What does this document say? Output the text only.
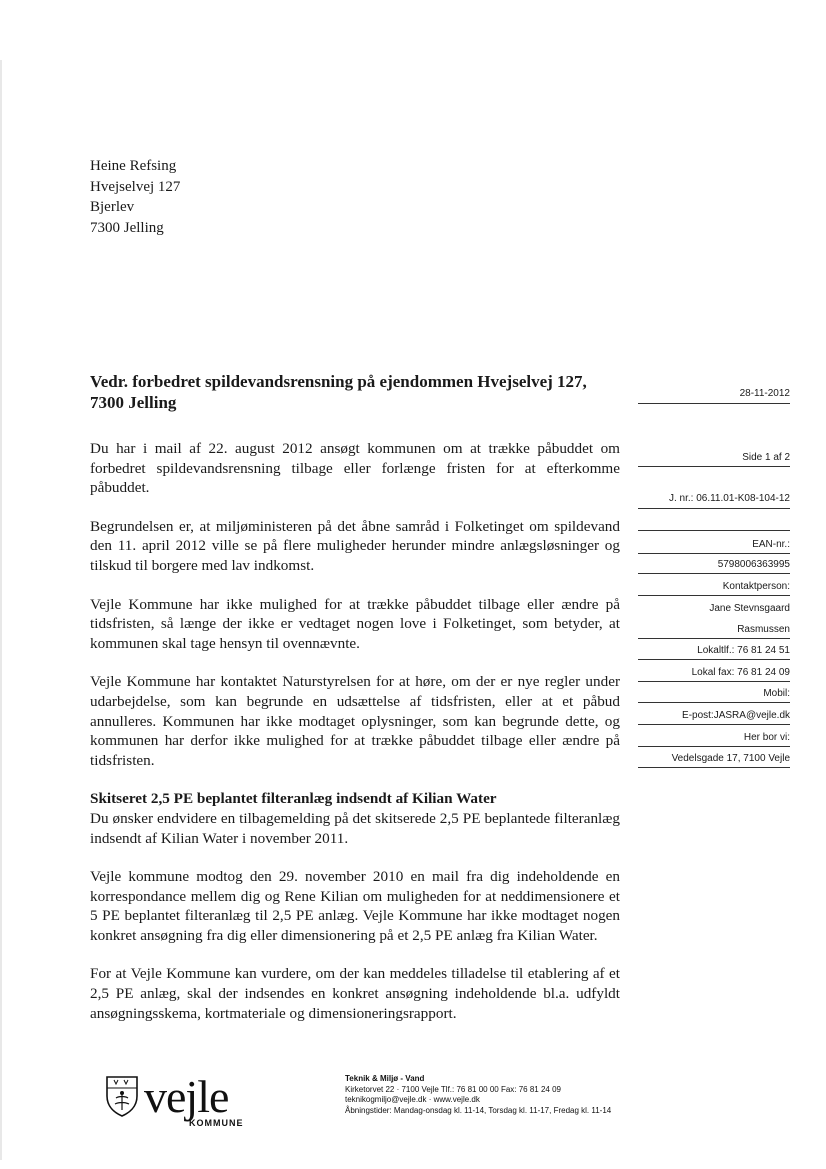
Heine Refsing
Hvejselvej 127
Bjerlev
7300 Jelling
Vedr. forbedret spildevandsrensning på ejendommen Hvejselvej 127, 7300 Jelling

Du har i mail af 22. august 2012 ansøgt kommunen om at trække påbuddet om forbedret spildevandsrensning tilbage eller forlænge fristen for at efterkomme påbuddet.

Begrundelsen er, at miljøministeren på det åbne samråd i Folketinget om spildevand den 11. april 2012 ville se på flere muligheder herunder mindre anlægsløsninger og tilskud til borgere med lav indkomst.

Vejle Kommune har ikke mulighed for at trække påbuddet tilbage eller ændre på tidsfristen, så længe der ikke er vedtaget nogen love i Folketinget, som betyder, at kommunen skal tage hensyn til ovennævnte.

Vejle Kommune har kontaktet Naturstyrelsen for at høre, om der er nye regler under udarbejdelse, som kan begrunde en udsættelse af tidsfristen, eller at et påbud annulleres. Kommunen har ikke modtaget oplysninger, som kan begrunde dette, og kommunen har derfor ikke mulighed for at trække påbuddet tilbage eller ændre på tidsfristen.

Skitseret 2,5 PE beplantet filteranlæg indsendt af Kilian Water

Du ønsker endvidere en tilbagemelding på det skitserede 2,5 PE beplantede filteranlæg indsendt af Kilian Water i november 2011.

Vejle kommune modtog den 29. november 2010 en mail fra dig indeholdende en korrespondance mellem dig og Rene Kilian om muligheden for at neddimensionere et 5 PE beplantet filteranlæg til 2,5 PE anlæg. Vejle Kommune har ikke modtaget nogen konkret ansøgning fra dig eller dimensionering på et 2,5 PE anlæg fra Kilian Water.

For at Vejle Kommune kan vurdere, om der kan meddeles tilladelse til etablering af et 2,5 PE anlæg, skal der indsendes en konkret ansøgning indeholdende bl.a. udfyldt ansøgningsskema, kortmateriale og dimensioneringsrapport.

28-11-2012
Side 1 af 2
J. nr.: 06.11.01-K08-104-12
EAN-nr.:
5798006363995
Kontaktperson:
Jane Stevnsgaard
Rasmussen
Lokaltlf.: 76 81 24 51
Lokal fax: 76 81 24 09
Mobil:
E-post:JASRA@vejle.dk
Her bor vi:
Vedelsgade 17, 7100 Vejle
vejle
KOMMUNE
Teknik & Miljø - Vand
Kirketorvet 22 · 7100 Vejle Tlf.: 76 81 00 00 Fax: 76 81 24 09
teknikogmiljo@vejle.dk · www.vejle.dk
Åbningstider: Mandag-onsdag kl. 11-14, Torsdag kl. 11-17, Fredag kl. 11-14
